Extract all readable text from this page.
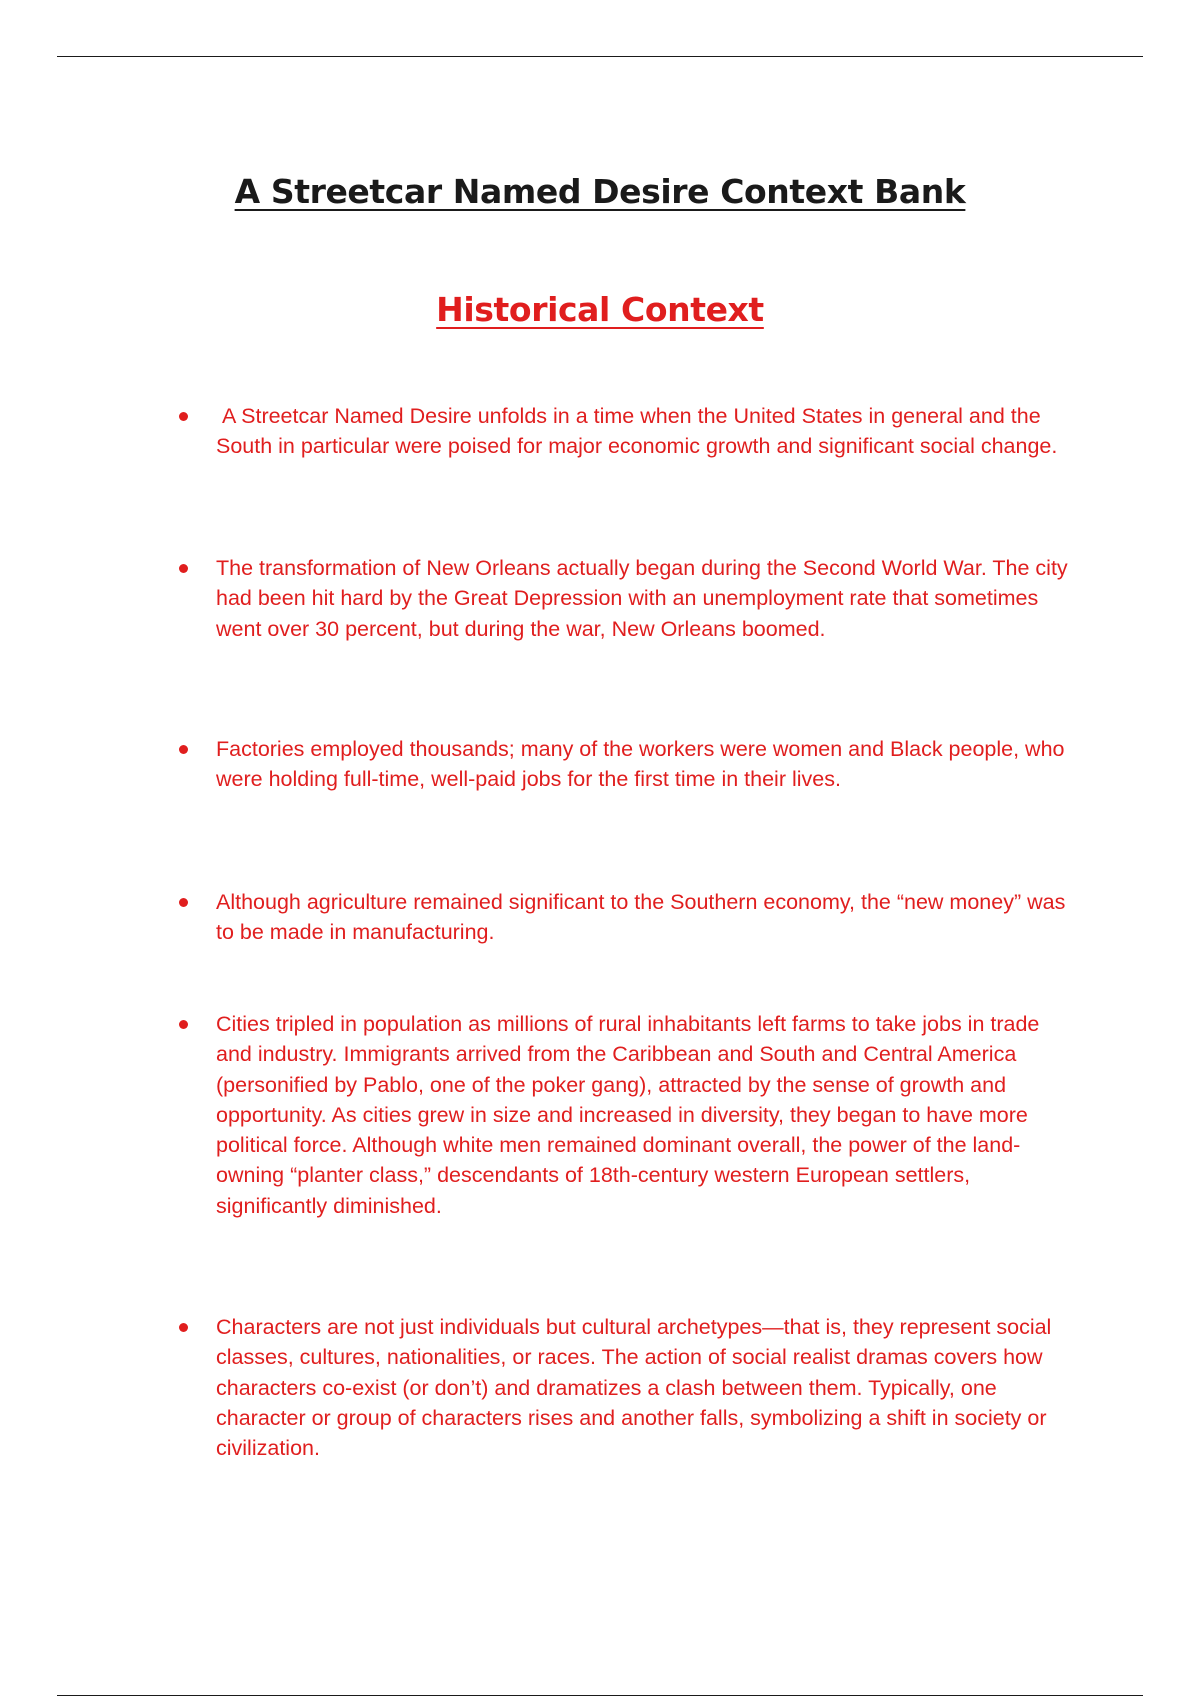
A Streetcar Named Desire Context Bank
Historical Context
A Streetcar Named Desire unfolds in a time when the United States in general and the South in particular were poised for major economic growth and significant social change.
The transformation of New Orleans actually began during the Second World War. The city had been hit hard by the Great Depression with an unemployment rate that sometimes went over 30 percent, but during the war, New Orleans boomed.
Factories employed thousands; many of the workers were women and Black people, who were holding full-time, well-paid jobs for the first time in their lives.
Although agriculture remained significant to the Southern economy, the “new money” was to be made in manufacturing.
Cities tripled in population as millions of rural inhabitants left farms to take jobs in trade and industry. Immigrants arrived from the Caribbean and South and Central America (personified by Pablo, one of the poker gang), attracted by the sense of growth and opportunity. As cities grew in size and increased in diversity, they began to have more political force. Although white men remained dominant overall, the power of the land-owning “planter class,” descendants of 18th-century western European settlers, significantly diminished.
Characters are not just individuals but cultural archetypes—that is, they represent social classes, cultures, nationalities, or races. The action of social realist dramas covers how characters co-exist (or don’t) and dramatizes a clash between them. Typically, one character or group of characters rises and another falls, symbolizing a shift in society or civilization.
